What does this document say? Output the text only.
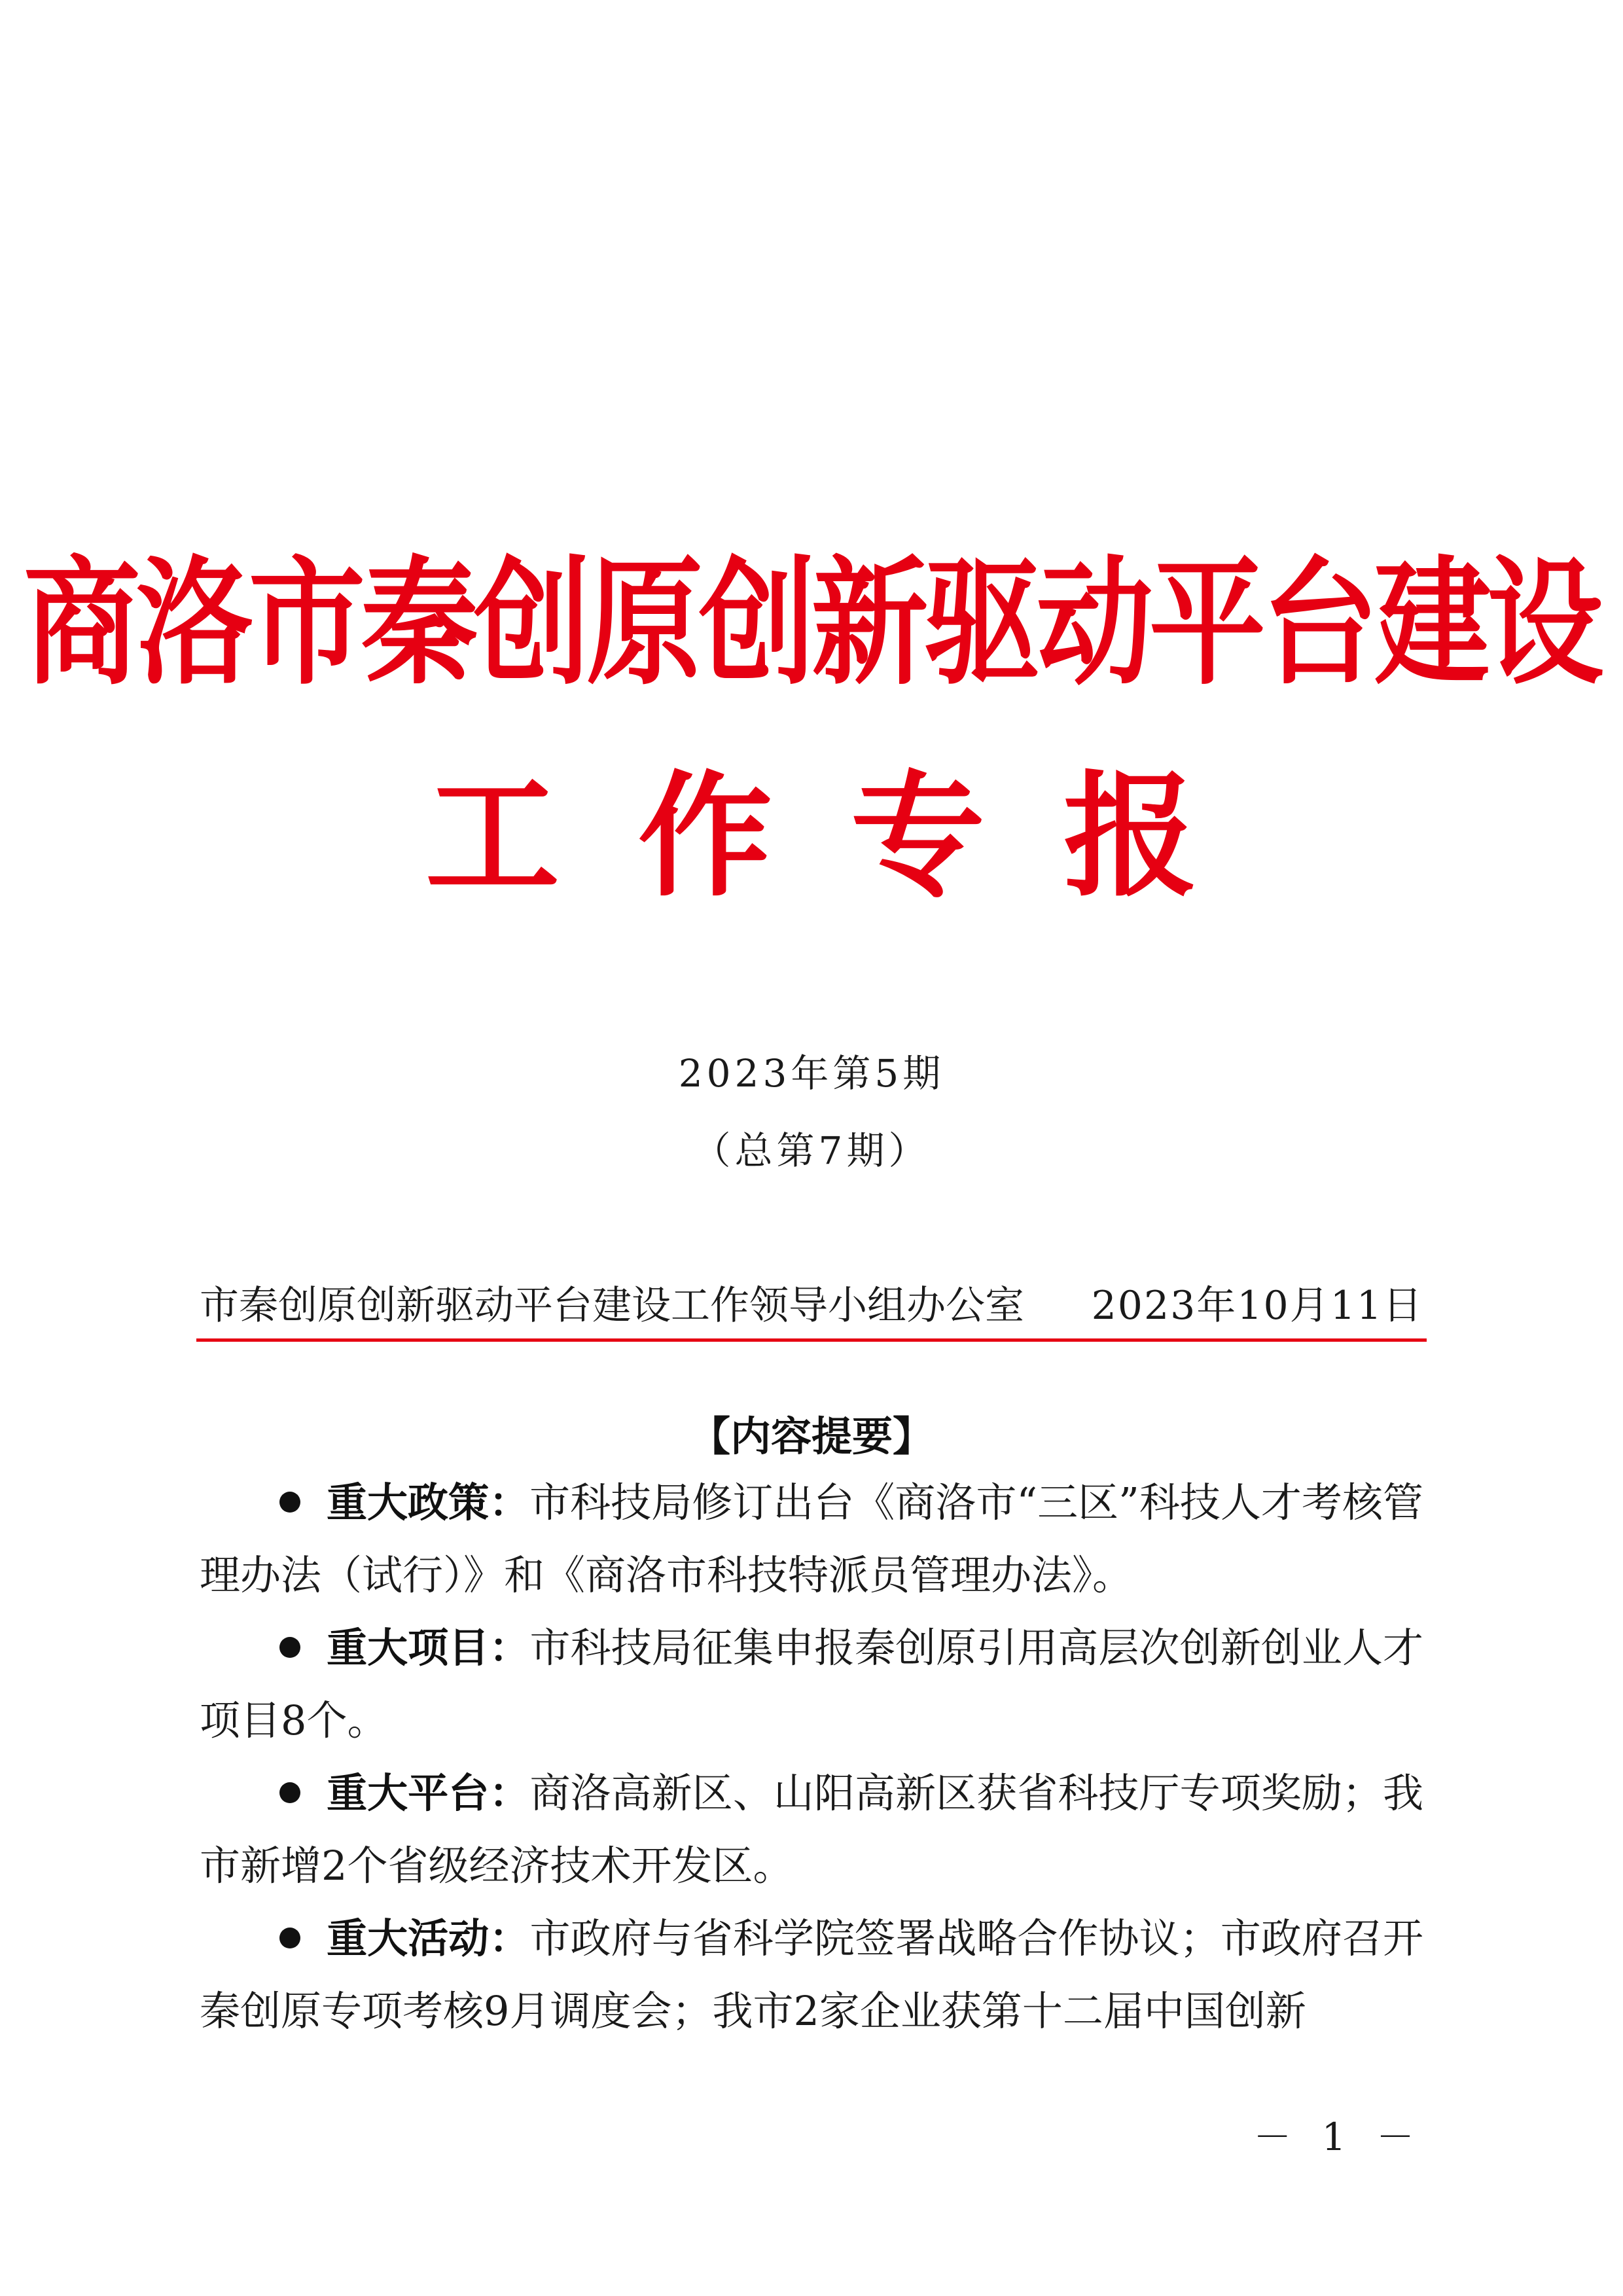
商洛市秦创原创新驱动平台建设
工作专报
2023年第5期
（总第7期）
市秦创原创新驱动平台建设工作领导小组办公室 2023年10月11日
【内容提要】

重大政策：市科技局修订出台《商洛市“三区”科技人才考核管理办法（试行）》和《商洛市科技特派员管理办法》。

重大项目：市科技局征集申报秦创原引用高层次创新创业人才项目8个。

重大平台：商洛高新区、山阳高新区获省科技厅专项奖励；我市新增2个省级经济技术开发区。

重大活动：市政府与省科学院签署战略合作协议；市政府召开秦创原专项考核9月调度会；我市2家企业获第十二届中国创新

－ 1 －
